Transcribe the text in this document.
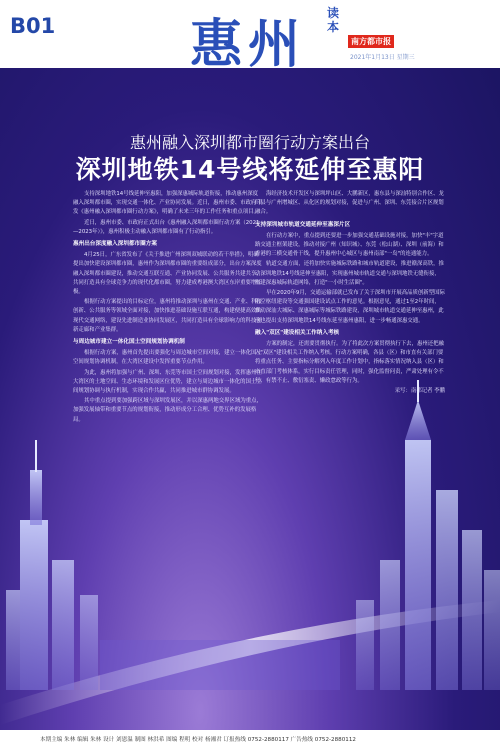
B01	惠州
读本
南方都市报
2021年1月13日 星期三
惠州融入深圳都市圈行动方案出台
深圳地铁14号线将延伸至惠阳

支持深圳地铁14号线延伸至惠阳，加强深惠城际轨道衔接，推动惠州深度融入深圳都市圈，实现交通一体化、产业协同发展。近日，惠州市委、市政府印发《惠州融入深圳都市圈行动方案》，明确了未来三年的工作任务和重点项目。

近日，惠州市委、市政府正式出台《惠州融入深圳都市圈行动方案（2021—2023年）》，惠州积极主动融入深圳都市圈有了行动指引。

惠州出台深度融入深圳都市圈方案

4月25日，广东省发布了《关于推进广州深圳双城联动的若干举措》，明确提出加快建设深圳都市圈，惠州作为深圳都市圈的重要组成部分，出台方案深度融入深圳都市圈建设，推动交通互联互通、产业协同发展、公共服务共建共享，共同打造具有全球竞争力的现代化都市圈，努力建成粤港澳大湾区东岸重要增长极。

根据行动方案提出的目标定位，惠州将推动深圳与惠州在交通、产业、科技创新、公共服务等领域全面对接，加快推进基础设施互联互通，构建便捷高效的现代交通网络，建设先进制造业协同发展区，共同打造具有全球影响力的科技创新走廊和产业集群。

与周边城市建立一体化国土空间规划协调机制

根据行动方案，惠州首先提出要强化与周边城市空间对接，建立一体化国土空间规划协调机制，在大湾区建设中发挥重要节点作用。

为此，惠州将加强与广州、深圳、东莞等市国土空间规划对接，发挥惠州在大湾区的土地空间、生态环境和发展区位优势，建立与周边城市一体化的国土空间规划协调与执行机制，实现合作共赢，共同推进城市群协调发展。

其中重点提到要加强跨区域与深圳发展区，并以深惠两地交界区域为重点，加强发展轴带和重要节点的规划衔接，推动形成分工合理、优势互补的发展格局。

海经济技术开发区与深圳坪山区、大鹏新区，惠东县与深汕特别合作区、龙门县与广州增城区、从化区的规划对接，促进与广州、深圳、东莞接合片区规划融合。

支持深圳城市轨道交通延伸至惠深片区

在行动方案中，重点提到还要进一步加强交通基础设施对接，加快"丰"字道路交通主框架建设，推动对接广州（知识城）、东莞（松山湖）、深圳（前海）和香港的三横交通骨干线，提升惠州中心城区与惠州南部"一岛"的连通能力。

轨道交通方面，还将加快实施城际铁路和城市轨道建设，推进赣深高铁，推动深圳地铁14号线延伸至惠阳，实现惠州城市轨道交通与深圳地铁无缝衔接，构建深惠城际轨道网络，打造"一小时生活圈"。

早在2020年9月，交通运输部就已发布了关于深圳市开展高品质创新型国际航空枢纽建设等交通强国建设试点工作的意见。根据意见，通过1至2年时间，推动深汕大城际、深惠城际等城际铁路建设，深圳城市轨道交通延伸至惠州，此前也提出支持深圳地铁14号线东延至惠州惠阳，进一步畅通深惠交通。

融入"双区"建设相关工作纳入考核

方案的制定，还需要贯彻执行。为了将此次方案贯彻执行下去，惠州还把融入"双区"建设相关工作纳入考核。行动方案明确，各县（区）和市直有关部门要将重点任务、主要指标分解列入年度工作计划中，指标落实情况纳入县（区）和市直部门考核体系，实行目标责任管理，同时，强化监督问责，严肃处理有令不行、有禁不止、敷衍塞责、懒政怠政等行为。

采写：南都记者 李鹏

本期主编 朱林 编辑 朱林 设计 刘恩温 制图 林洪希 图编 程明 校对 杨湘君 订报热线 0752-2880117 广告热线 0752-2880112
